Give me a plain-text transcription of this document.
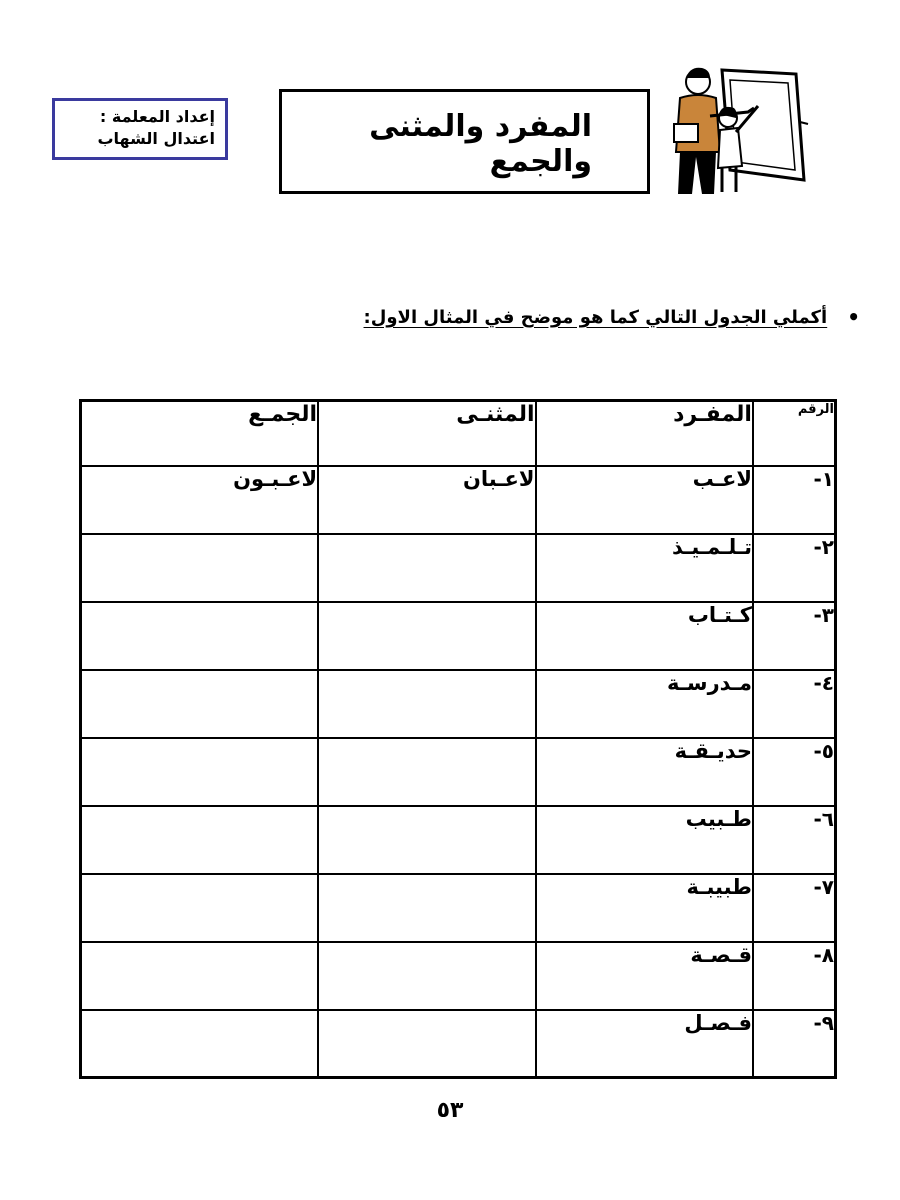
إعداد المعلمة :
اعتدال الشهاب	المفرد والمثنى والجمع
•
أكملي الجدول التالي كما هو موضح في المثال الاول:
الرقم	المفـرد	المثنـى	الجمـع
١-	لاعـب	لاعـبان	لاعـبـون
٢-	تـلـمـيـذ		
٣-	كـتـاب		
٤-	مـدرسـة		
٥-	حديـقـة		
٦-	طـبيب		
٧-	طبيبـة		
٨-	قـصـة		
٩-	فـصـل		
٥٣
